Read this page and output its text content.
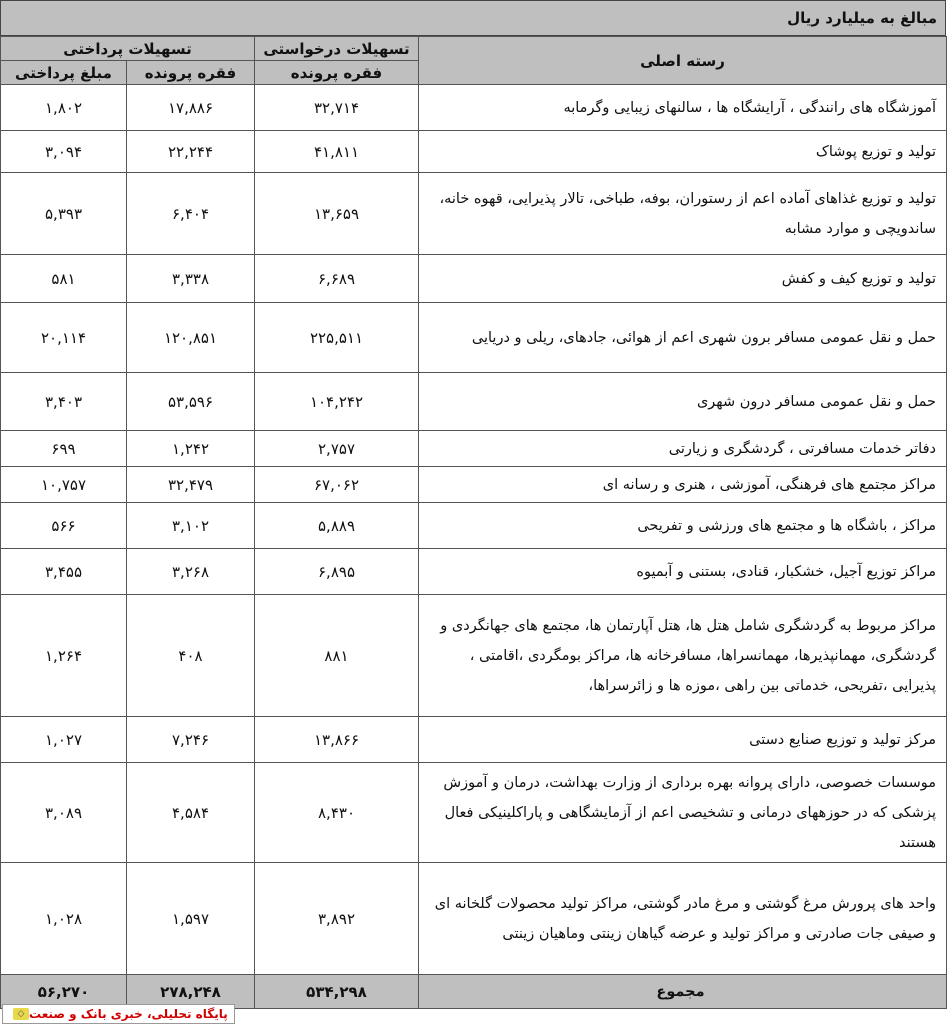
مبالغ به میلیارد ریال
رسته اصلی	تسهیلات درخواستی	تسهیلات پرداختی	
	فقره پرونده	فقره پرونده	مبلغ پرداختی
آموزشگاه های رانندگی ، آرایشگاه ها ، سالنهای زیبایی وگرمابه	۳۲,۷۱۴	۱۷,۸۸۶	۱,۸۰۲
تولید و توزیع پوشاک	۴۱,۸۱۱	۲۲,۲۴۴	۳,۰۹۴
تولید و توزیع غذاهای آماده اعم از رستوران، بوفه، طباخی، تالار پذیرایی، قهوه خانه، ساندویچی و موارد مشابه	۱۳,۶۵۹	۶,۴۰۴	۵,۳۹۳
تولید و توزیع کیف و کفش	۶,۶۸۹	۳,۳۳۸	۵۸۱
حمل و نقل عمومی مسافر برون شهری اعم از هوائی، جادهای، ریلی و دریایی	۲۲۵,۵۱۱	۱۲۰,۸۵۱	۲۰,۱۱۴
حمل و نقل عمومی مسافر درون شهری	۱۰۴,۲۴۲	۵۳,۵۹۶	۳,۴۰۳
دفاتر خدمات مسافرتی ، گردشگری و زیارتی	۲,۷۵۷	۱,۲۴۲	۶۹۹
مراکز مجتمع های فرهنگی، آموزشی ، هنری و رسانه ای	۶۷,۰۶۲	۳۲,۴۷۹	۱۰,۷۵۷
مراکز ، باشگاه ها و مجتمع های ورزشی و تفریحی	۵,۸۸۹	۳,۱۰۲	۵۶۶
مراکز توزیع آجیل، خشکبار، قنادی، بستنی و آبمیوه	۶,۸۹۵	۳,۲۶۸	۳,۴۵۵
مراکز مربوط به گردشگری شامل هتل ها، هتل آپارتمان ها، مجتمع های جهانگردی و گردشگری، مهمانپذیرها، مهمانسراها، مسافرخانه ها، مراکز بومگردی ،اقامتی ، پذیرایی ،تفریحی، خدماتی بین راهی ،موزه ها و زائرسراها،	۸۸۱	۴۰۸	۱,۲۶۴
مرکز تولید و توزیع صنایع دستی	۱۳,۸۶۶	۷,۲۴۶	۱,۰۲۷
موسسات خصوصی، دارای پروانه بهره برداری از وزارت بهداشت، درمان و آموزش پزشکی که در حوزههای درمانی و تشخیصی اعم از آزمایشگاهی و پاراکلینیکی فعال هستند	۸,۴۳۰	۴,۵۸۴	۳,۰۸۹
واحد های پرورش مرغ گوشتی و مرغ مادر گوشتی، مراکز تولید محصولات گلخانه ای و صیفی جات صادرتی و مراکز تولید و عرضه گیاهان زینتی وماهیان زینتی	۳,۸۹۲	۱,۵۹۷	۱,۰۲۸
مجموع	۵۳۴,۲۹۸	۲۷۸,۲۴۸	۵۶,۲۷۰
پایگاه تحلیلی، خبری بانک و صنعت
◇
